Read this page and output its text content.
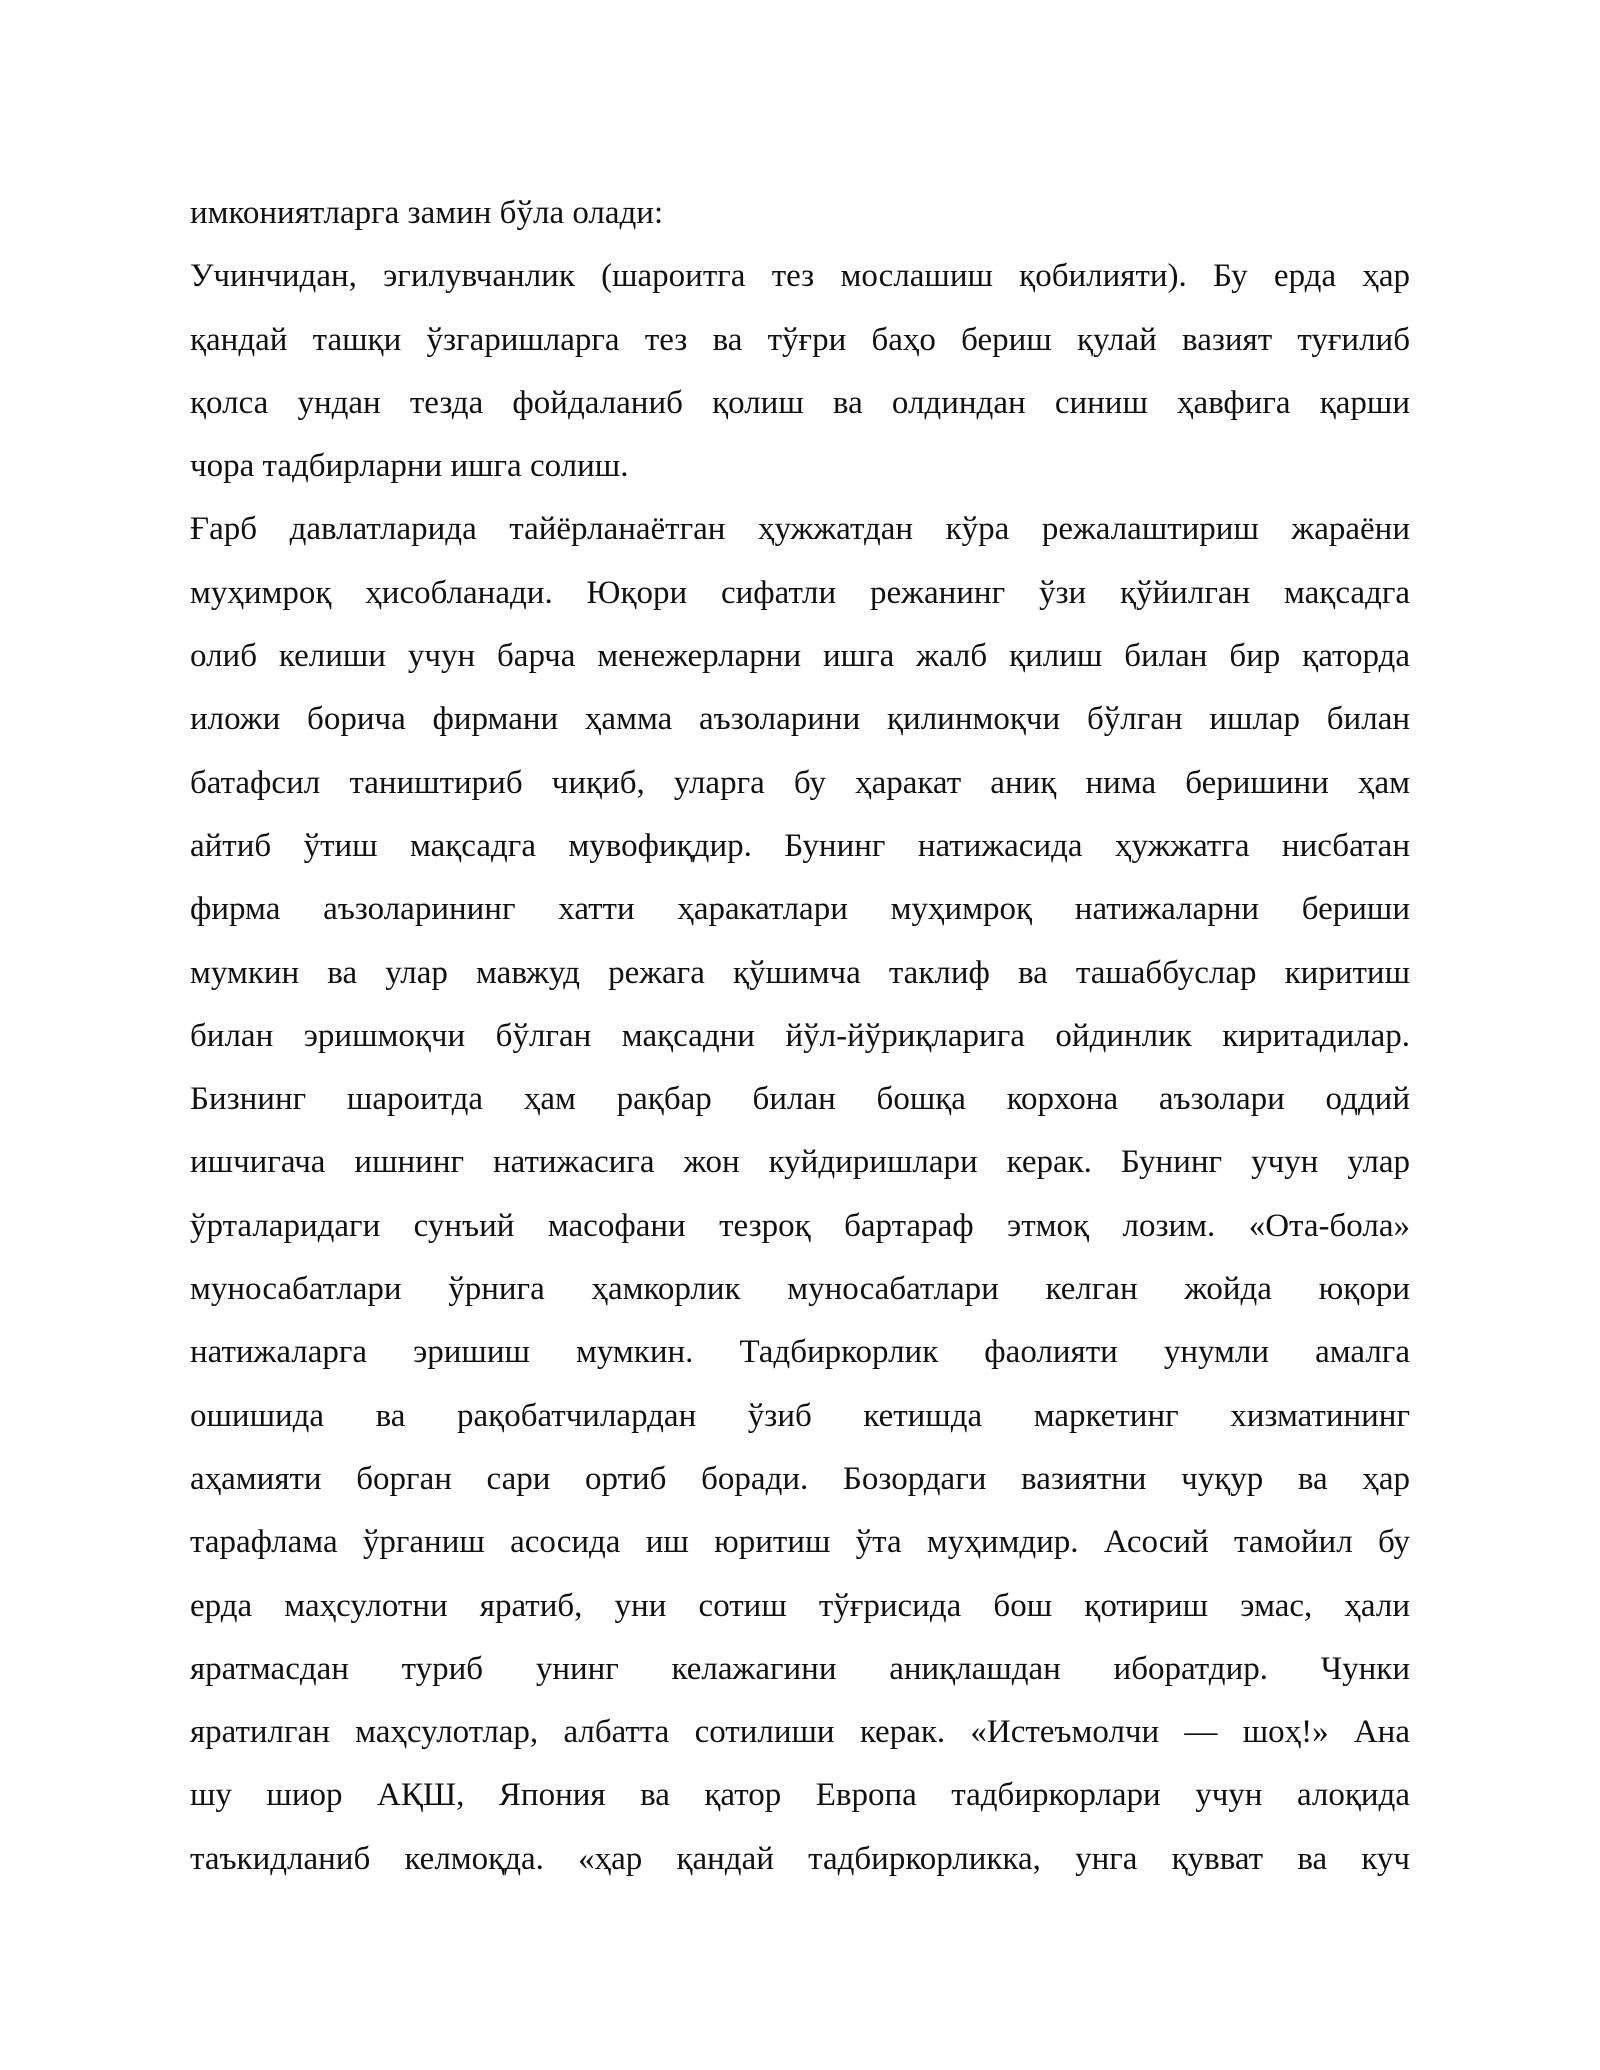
имкониятларга замин бўла олади:
Учинчидан, эгилувчанлик (шароитга тез мослашиш қобилияти). Бу ерда ҳар
қандай ташқи ўзгаришларга тез ва тўғри баҳо бериш қулай вазият туғилиб
қолса ундан тезда фойдаланиб қолиш ва олдиндан синиш ҳавфига қарши
чора тадбирларни ишга солиш.
Ғарб давлатларида тайёрланаётган ҳужжатдан кўра режалаштириш жараёни
муҳимроқ ҳисобланади. Юқори сифатли режанинг ўзи қўйилган мақсадга
олиб келиши учун барча менежерларни ишга жалб қилиш билан бир қаторда
иложи борича фирмани ҳамма аъзоларини қилинмоқчи бўлган ишлар билан
батафсил таништириб чиқиб, уларга бу ҳаракат аниқ нима беришини ҳам
айтиб ўтиш мақсадга мувофиқдир. Бунинг натижасида ҳужжатга нисбатан
фирма аъзоларининг хатти ҳаракатлари муҳимроқ натижаларни бериши
мумкин ва улар мавжуд режага қўшимча таклиф ва ташаббуслар киритиш
билан эришмоқчи бўлган мақсадни йўл-йўриқларига ойдинлик киритадилар.
Бизнинг шароитда ҳам рақбар билан бошқа корхона аъзолари оддий
ишчигача ишнинг натижасига жон куйдиришлари керак. Бунинг учун улар
ўрталаридаги сунъий масофани тезроқ бартараф этмоқ лозим. «Ота-бола»
муносабатлари ўрнига ҳамкорлик муносабатлари келган жойда юқори
натижаларга эришиш мумкин. Тадбиркорлик фаолияти унумли амалга
ошишида ва рақобатчилардан ўзиб кетишда маркетинг хизматининг
аҳамияти борган сари ортиб боради. Бозордаги вазиятни чуқур ва ҳар
тарафлама ўрганиш асосида иш юритиш ўта муҳимдир. Асосий тамойил бу
ерда маҳсулотни яратиб, уни сотиш тўғрисида бош қотириш эмас, ҳали
яратмасдан туриб унинг келажагини аниқлашдан иборатдир. Чунки
яратилган маҳсулотлар, албатта сотилиши керак. «Истеъмолчи — шоҳ!» Ана
шу шиор АҚШ, Япония ва қатор Европа тадбиркорлари учун алоқида
таъкидланиб келмоқда. «ҳар қандай тадбиркорликка, унга қувват ва куч
